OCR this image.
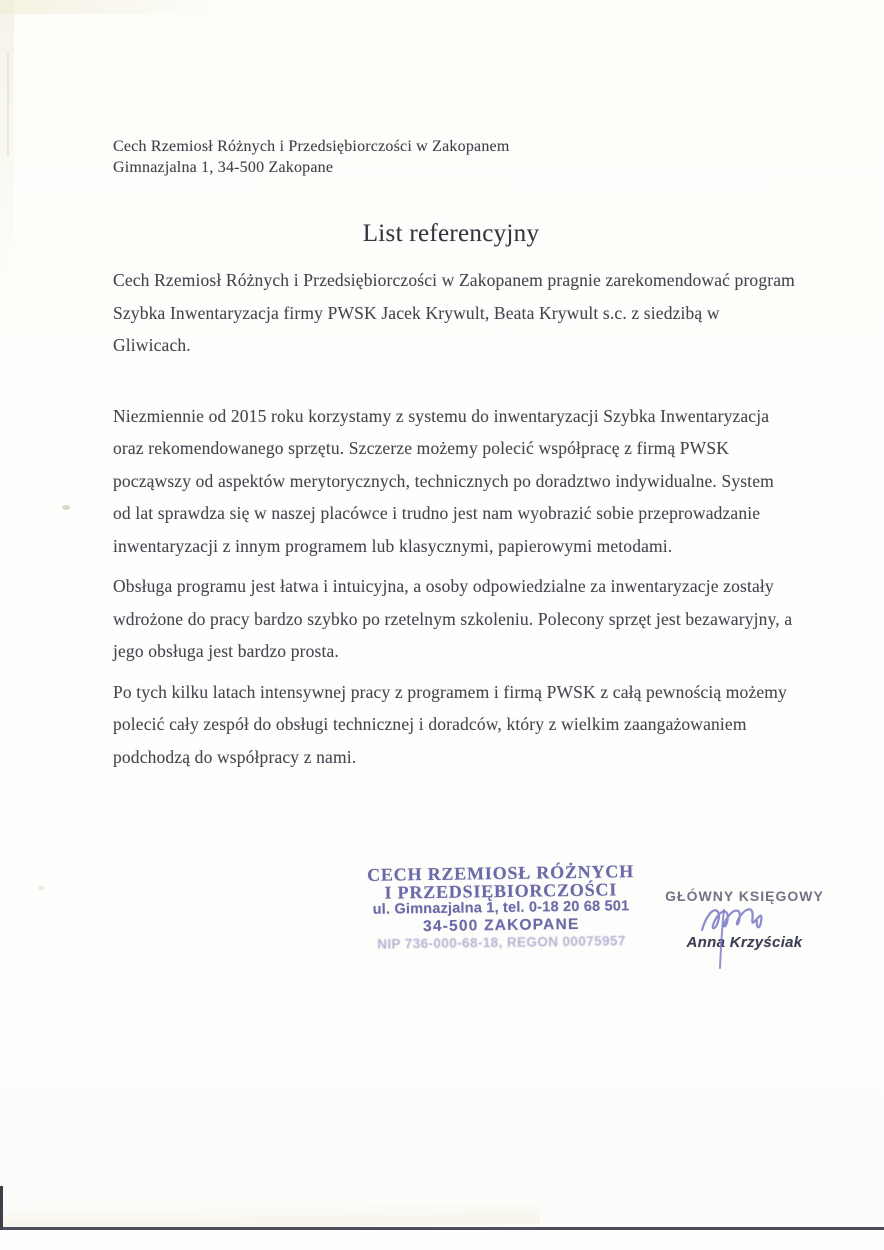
Cech Rzemiosł Różnych i Przedsiębiorczości w Zakopanem
Gimnazjalna 1, 34-500 Zakopane
List referencyjny

Cech Rzemiosł Różnych i Przedsiębiorczości w Zakopanem pragnie zarekomendować program Szybka Inwentaryzacja firmy PWSK Jacek Krywult, Beata Krywult s.c. z siedzibą w Gliwicach.

Niezmiennie od 2015 roku korzystamy z systemu do inwentaryzacji Szybka Inwentaryzacja oraz rekomendowanego sprzętu. Szczerze możemy polecić współpracę z firmą PWSK począwszy od aspektów merytorycznych, technicznych po doradztwo indywidualne. System od lat sprawdza się w naszej placówce i trudno jest nam wyobrazić sobie przeprowadzanie inwentaryzacji z innym programem lub klasycznymi, papierowymi metodami.

Obsługa programu jest łatwa i intuicyjna, a osoby odpowiedzialne za inwentaryzacje zostały wdrożone do pracy bardzo szybko po rzetelnym szkoleniu. Polecony sprzęt jest bezawaryjny, a jego obsługa jest bardzo prosta.

Po tych kilku latach intensywnej pracy z programem i firmą PWSK z całą pewnością możemy polecić cały zespół do obsługi technicznej i doradców, który z wielkim zaangażowaniem podchodzą do współpracy z nami.

CECH RZEMIOSŁ RÓŻNYCH
I PRZEDSIĘBIORCZOŚCI
ul. Gimnazjalna 1, tel. 0-18 20 68 501
34-500 ZAKOPANE
NIP 736-000-68-18, REGON 00075957
GŁÓWNY KSIĘGOWY
Anna Krzyściak
